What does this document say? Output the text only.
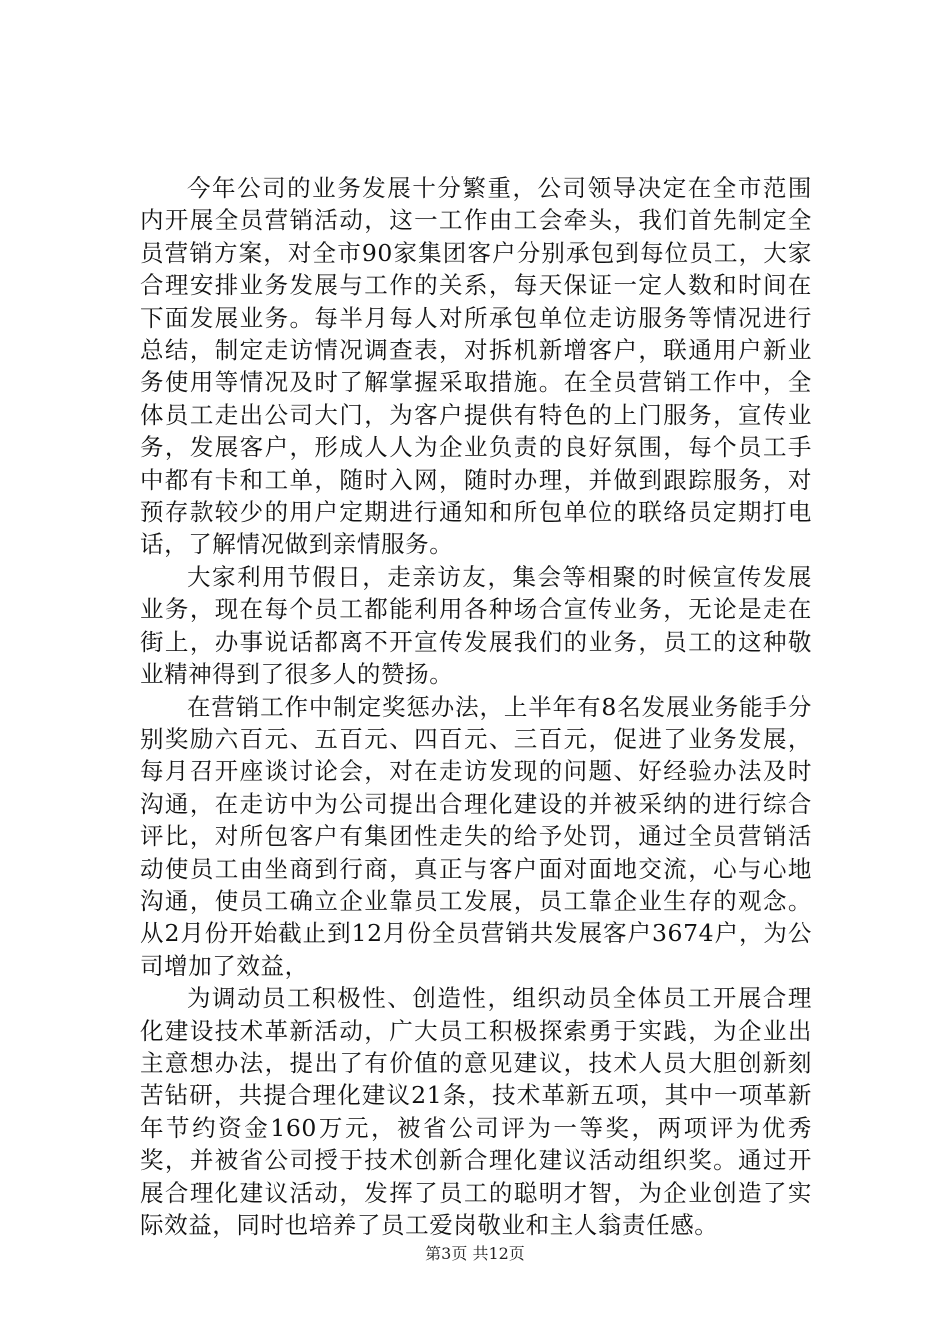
今年公司的业务发展十分繁重，公司领导决定在全市范围内开展全员营销活动，这一工作由工会牵头，我们首先制定全员营销方案，对全市90家集团客户分别承包到每位员工，大家合理安排业务发展与工作的关系，每天保证一定人数和时间在下面发展业务。每半月每人对所承包单位走访服务等情况进行总结，制定走访情况调查表，对拆机新增客户，联通用户新业务使用等情况及时了解掌握采取措施。在全员营销工作中，全体员工走出公司大门，为客户提供有特色的上门服务，宣传业务，发展客户，形成人人为企业负责的良好氛围，每个员工手中都有卡和工单，随时入网，随时办理，并做到跟踪服务，对预存款较少的用户定期进行通知和所包单位的联络员定期打电话，了解情况做到亲情服务。

大家利用节假日，走亲访友，集会等相聚的时候宣传发展业务，现在每个员工都能利用各种场合宣传业务，无论是走在街上，办事说话都离不开宣传发展我们的业务，员工的这种敬业精神得到了很多人的赞扬。

在营销工作中制定奖惩办法，上半年有8名发展业务能手分别奖励六百元、五百元、四百元、三百元，促进了业务发展，每月召开座谈讨论会，对在走访发现的问题、好经验办法及时沟通，在走访中为公司提出合理化建设的并被采纳的进行综合评比，对所包客户有集团性走失的给予处罚，通过全员营销活动使员工由坐商到行商，真正与客户面对面地交流，心与心地沟通，使员工确立企业靠员工发展，员工靠企业生存的观念。从2月份开始截止到12月份全员营销共发展客户3674户，为公司增加了效益，

为调动员工积极性、创造性，组织动员全体员工开展合理化建设技术革新活动，广大员工积极探索勇于实践，为企业出主意想办法，提出了有价值的意见建议，技术人员大胆创新刻苦钻研，共提合理化建议21条，技术革新五项，其中一项革新年节约资金160万元，被省公司评为一等奖，两项评为优秀奖，并被省公司授于技术创新合理化建议活动组织奖。通过开展合理化建议活动，发挥了员工的聪明才智，为企业创造了实际效益，同时也培养了员工爱岗敬业和主人翁责任感。

第3页 共12页
